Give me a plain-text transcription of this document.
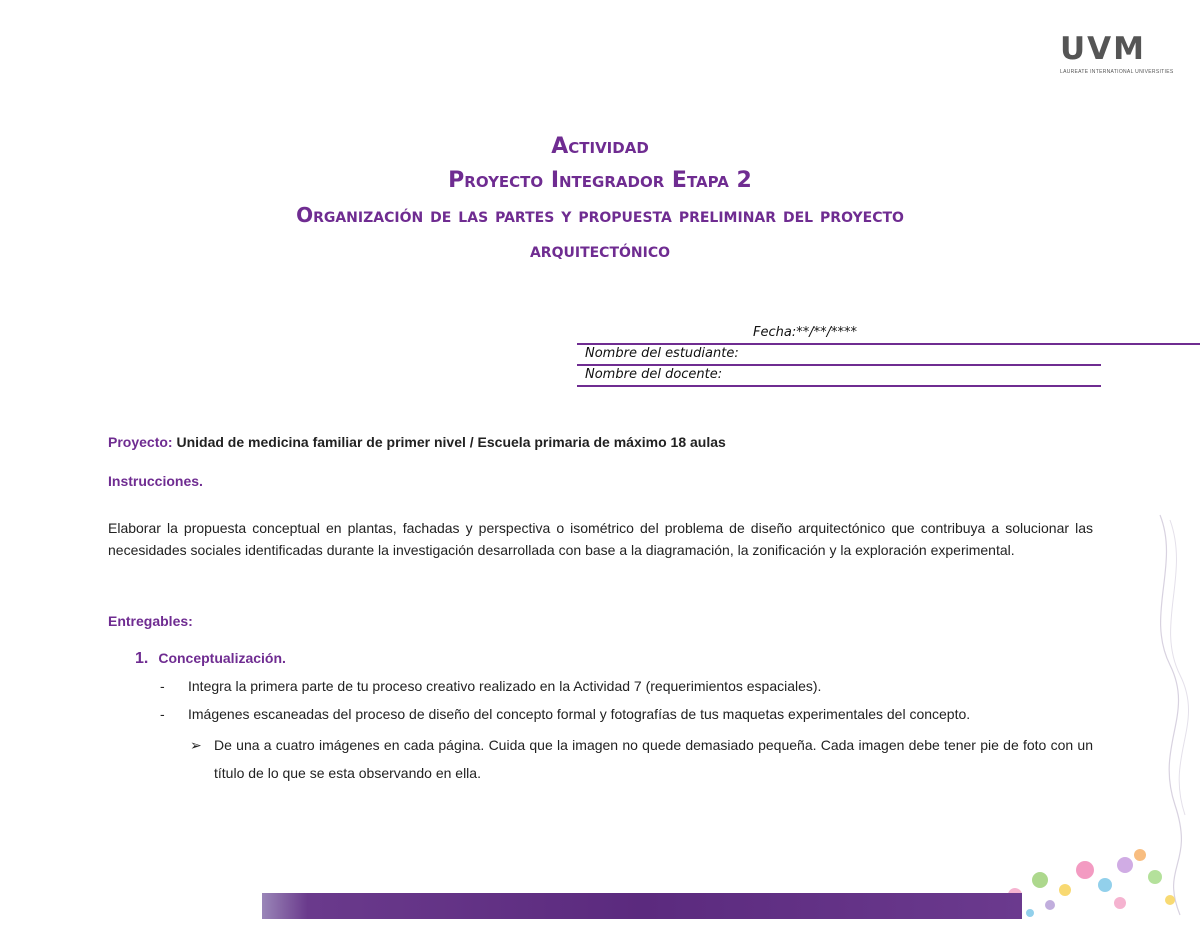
UVM
LAUREATE INTERNATIONAL UNIVERSITIES
Actividad
Proyecto Integrador Etapa 2
Organización de las partes y propuesta preliminar del proyecto
arquitectónico
Fecha:**/**/****
Nombre del estudiante:
Nombre del docente:
Proyecto: Unidad de medicina familiar de primer nivel / Escuela primaria de máximo 18 aulas
Instrucciones.
Elaborar la propuesta conceptual en plantas, fachadas y perspectiva o isométrico del problema de diseño arquitectónico que contribuya a solucionar las necesidades sociales identificadas durante la investigación desarrollada con base a la diagramación, la zonificación y la exploración experimental.
Entregables:
1. Conceptualización.
- Integra la primera parte de tu proceso creativo realizado en la Actividad 7 (requerimientos espaciales).
- Imágenes escaneadas del proceso de diseño del concepto formal y fotografías de tus maquetas experimentales del concepto.
➢ De una a cuatro imágenes en cada página. Cuida que la imagen no quede demasiado pequeña. Cada imagen debe tener pie de foto con un título de lo que se esta observando en ella.
